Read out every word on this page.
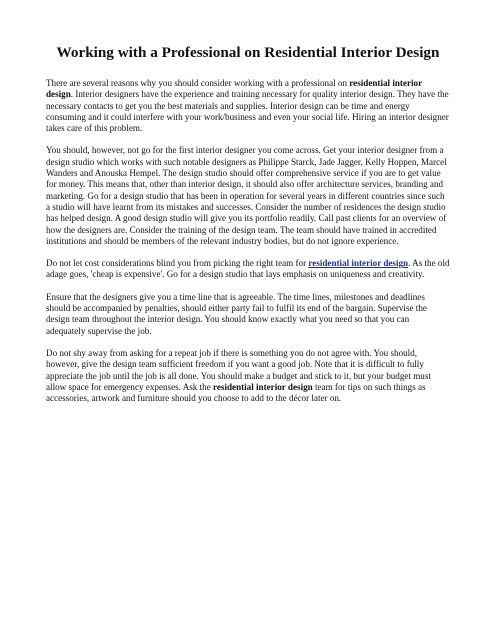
Working with a Professional on Residential Interior Design

There are several reasons why you should consider working with a professional on residential interior design. Interior designers have the experience and training necessary for quality interior design. They have the necessary contacts to get you the best materials and supplies. Interior design can be time and energy consuming and it could interfere with your work/business and even your social life. Hiring an interior designer takes care of this problem.

You should, however, not go for the first interior designer you come across. Get your interior designer from a design studio which works with such notable designers as Philippe Starck, Jade Jagger, Kelly Hoppen, Marcel Wanders and Anouska Hempel. The design studio should offer comprehensive service if you are to get value for money. This means that, other than interior design, it should also offer architecture services, branding and marketing. Go for a design studio that has been in operation for several years in different countries since such a studio will have learnt from its mistakes and successes. Consider the number of residences the design studio has helped design. A good design studio will give you its portfolio readily. Call past clients for an overview of how the designers are. Consider the training of the design team. The team should have trained in accredited institutions and should be members of the relevant industry bodies, but do not ignore experience.

Do not let cost considerations blind you from picking the right team for residential interior design. As the old adage goes, 'cheap is expensive'. Go for a design studio that lays emphasis on uniqueness and creativity.

Ensure that the designers give you a time line that is agreeable. The time lines, milestones and deadlines should be accompanied by penalties, should either party fail to fulfil its end of the bargain. Supervise the design team throughout the interior design. You should know exactly what you need so that you can adequately supervise the job.

Do not shy away from asking for a repeat job if there is something you do not agree with. You should, however, give the design team sufficient freedom if you want a good job. Note that it is difficult to fully appreciate the job until the job is all done. You should make a budget and stick to it, but your budget must allow space for emergency expenses. Ask the residential interior design team for tips on such things as accessories, artwork and furniture should you choose to add to the décor later on.
